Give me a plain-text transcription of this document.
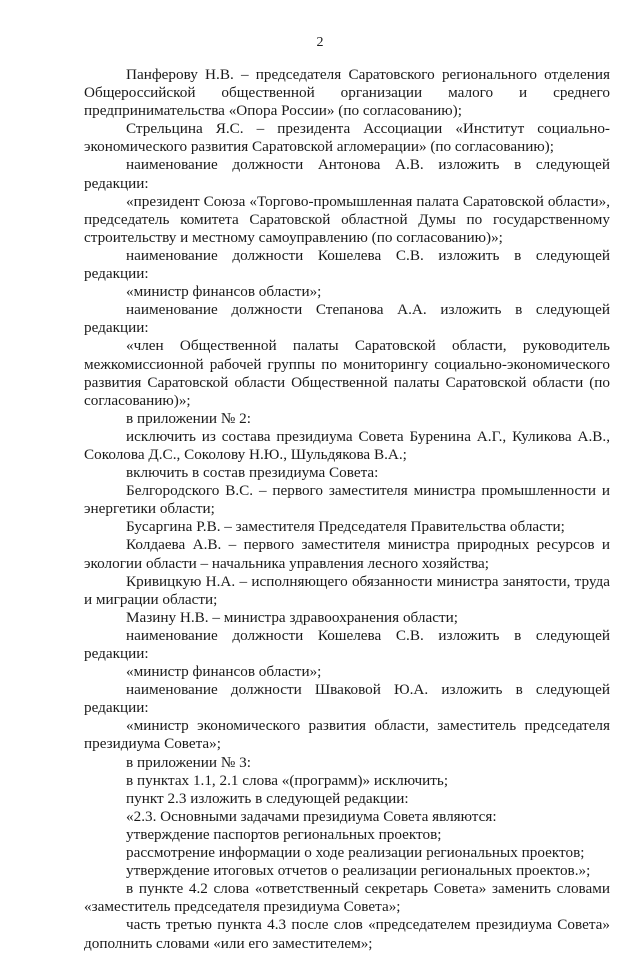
2

Панферову Н.В. – председателя Саратовского регионального отделения Общероссийской общественной организации малого и среднего предпринимательства «Опора России» (по согласованию);

Стрельцина Я.С. – президента Ассоциации «Институт социально-экономического развития Саратовской агломерации» (по согласованию);

наименование должности Антонова А.В. изложить в следующей редакции:

«президент Союза «Торгово-промышленная палата Саратовской области», председатель комитета Саратовской областной Думы по государственному строительству и местному самоуправлению (по согласованию)»;

наименование должности Кошелева С.В. изложить в следующей редакции:

«министр финансов области»;

наименование должности Степанова А.А. изложить в следующей редакции:

«член Общественной палаты Саратовской области, руководитель межкомиссионной рабочей группы по мониторингу социально-экономического развития Саратовской области Общественной палаты Саратовской области (по согласованию)»;

в приложении № 2:

исключить из состава президиума Совета Буренина А.Г., Куликова А.В., Соколова Д.С., Соколову Н.Ю., Шульдякова В.А.;

включить в состав президиума Совета:

Белгородского В.С. – первого заместителя министра промышленности и энергетики области;

Бусаргина Р.В. – заместителя Председателя Правительства области;

Колдаева А.В. – первого заместителя министра природных ресурсов и экологии области – начальника управления лесного хозяйства;

Кривицкую Н.А. – исполняющего обязанности министра занятости, труда и миграции области;

Мазину Н.В. – министра здравоохранения области;

наименование должности Кошелева С.В. изложить в следующей редакции:

«министр финансов области»;

наименование должности Шваковой Ю.А. изложить в следующей редакции:

«министр экономического развития области, заместитель председателя президиума Совета»;

в приложении № 3:

в пунктах 1.1, 2.1 слова «(программ)» исключить;

пункт 2.3 изложить в следующей редакции:

«2.3. Основными задачами президиума Совета являются:

утверждение паспортов региональных проектов;

рассмотрение информации о ходе реализации региональных проектов;

утверждение итоговых отчетов о реализации региональных проектов.»;

в пункте 4.2 слова «ответственный секретарь Совета» заменить словами «заместитель председателя президиума Совета»;

часть третью пункта 4.3 после слов «председателем президиума Совета» дополнить словами «или его заместителем»;
